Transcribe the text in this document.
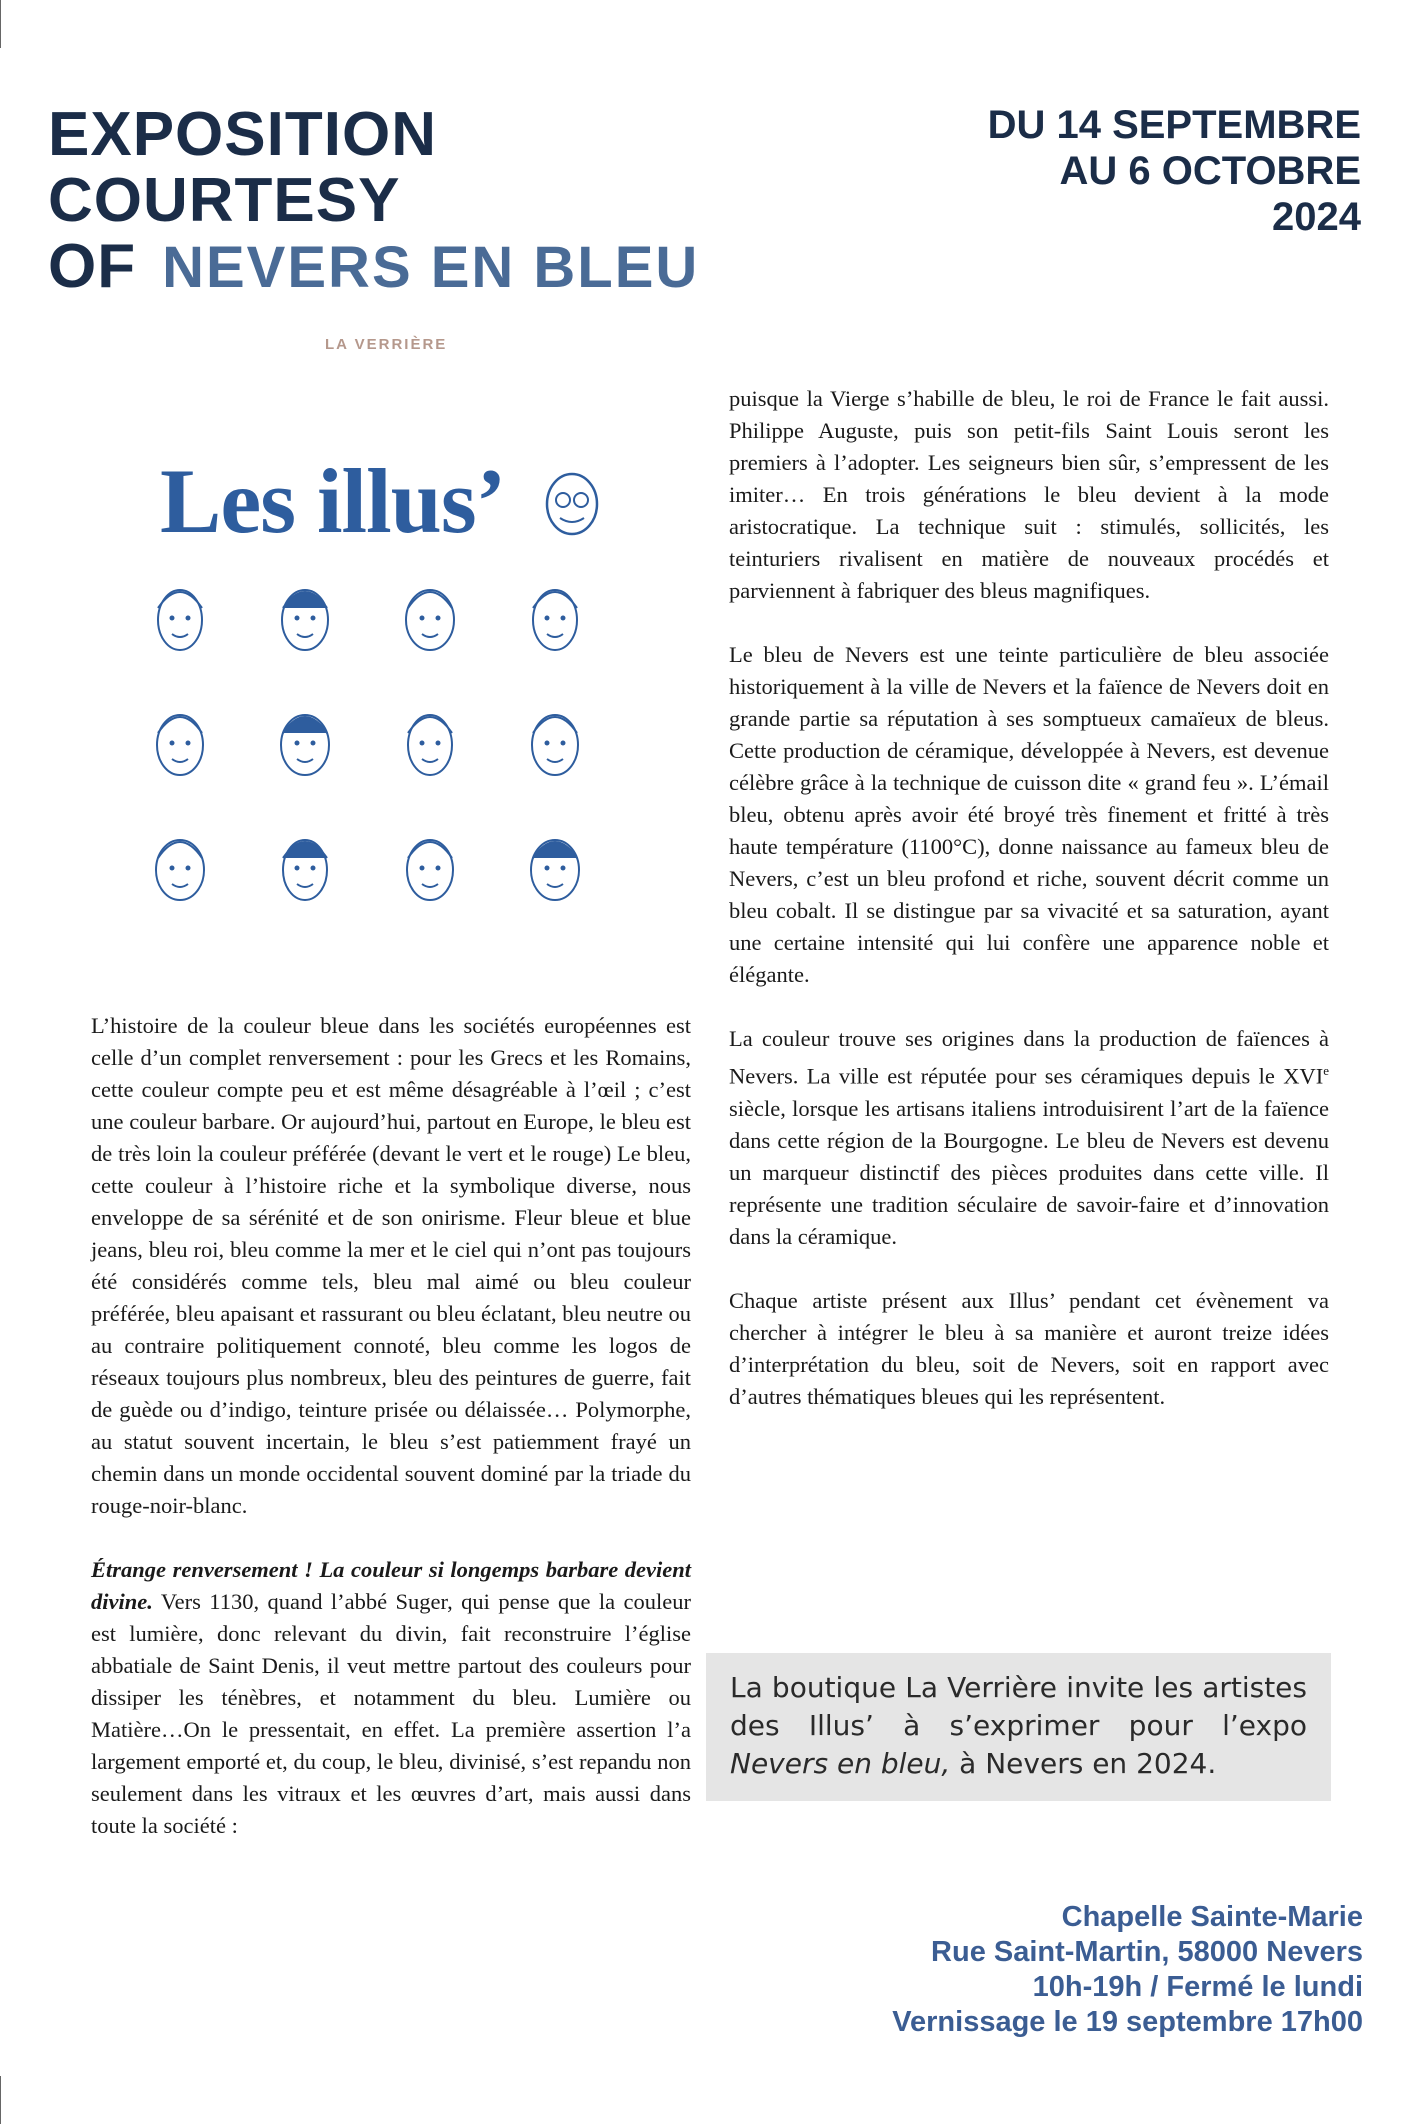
EXPOSITION
COURTESY
OF NEVERS EN BLEU
LA VERRIÈRE
DU 14 SEPTEMBRE
AU 6 OCTOBRE
2024
Les illus’

L’histoire de la couleur bleue dans les sociétés européennes est celle d’un complet renversement : pour les Grecs et les Romains, cette couleur compte peu et est même désagréable à l’œil ; c’est une couleur barbare. Or aujourd’hui, partout en Europe, le bleu est de très loin la couleur préférée (devant le vert et le rouge) Le bleu, cette couleur à l’histoire riche et la symbolique diverse, nous enveloppe de sa sérénité et de son onirisme. Fleur bleue et blue jeans, bleu roi, bleu comme la mer et le ciel qui n’ont pas toujours été considérés comme tels, bleu mal aimé ou bleu couleur préférée, bleu apaisant et rassurant ou bleu éclatant, bleu neutre ou au contraire politiquement connoté, bleu comme les logos de réseaux toujours plus nombreux, bleu des peintures de guerre, fait de guède ou d’indigo, teinture prisée ou délaissée… Polymorphe, au statut souvent incertain, le bleu s’est patiemment frayé un chemin dans un monde occidental souvent dominé par la triade du rouge-noir-blanc.

Étrange renversement ! La couleur si longemps barbare devient divine. Vers 1130, quand l’abbé Suger, qui pense que la couleur est lumière, donc relevant du divin, fait reconstruire l’église abbatiale de Saint Denis, il veut mettre partout des couleurs pour dissiper les ténèbres, et notamment du bleu. Lumière ou Matière…On le pressentait, en effet. La première assertion l’a largement emporté et, du coup, le bleu, divinisé, s’est repandu non seulement dans les vitraux et les œuvres d’art, mais aussi dans toute la société :

puisque la Vierge s’habille de bleu, le roi de France le fait aussi. Philippe Auguste, puis son petit-fils Saint Louis seront les premiers à l’adopter. Les seigneurs bien sûr, s’empressent de les imiter… En trois générations le bleu devient à la mode aristocratique. La technique suit : stimulés, sollicités, les teinturiers rivalisent en matière de nouveaux procédés et parviennent à fabriquer des bleus magnifiques.

Le bleu de Nevers est une teinte particulière de bleu associée historiquement à la ville de Nevers et la faïence de Nevers doit en grande partie sa réputation à ses somptueux camaïeux de bleus. Cette production de céramique, développée à Nevers, est devenue célèbre grâce à la technique de cuisson dite « grand feu ». L’émail bleu, obtenu après avoir été broyé très finement et fritté à très haute température (1100°C), donne naissance au fameux bleu de Nevers, c’est un bleu profond et riche, souvent décrit comme un bleu cobalt. Il se distingue par sa vivacité et sa saturation, ayant une certaine intensité qui lui confère une apparence noble et élégante.

La couleur trouve ses origines dans la production de faïences à Nevers. La ville est réputée pour ses céramiques depuis le XVIe siècle, lorsque les artisans italiens introduisirent l’art de la faïence dans cette région de la Bourgogne. Le bleu de Nevers est devenu un marqueur distinctif des pièces produites dans cette ville. Il représente une tradition séculaire de savoir-faire et d’innovation dans la céramique.

Chaque artiste présent aux Illus’ pendant cet évènement va chercher à intégrer le bleu à sa manière et auront treize idées d’interprétation du bleu, soit de Nevers, soit en rapport avec d’autres thématiques bleues qui les représentent.

La boutique La Verrière invite les artistes des Illus’ à s’exprimer pour l’expo Nevers en bleu, à Nevers en 2024.
Chapelle Sainte-Marie
Rue Saint-Martin, 58000 Nevers
10h-19h / Fermé le lundi
Vernissage le 19 septembre 17h00
